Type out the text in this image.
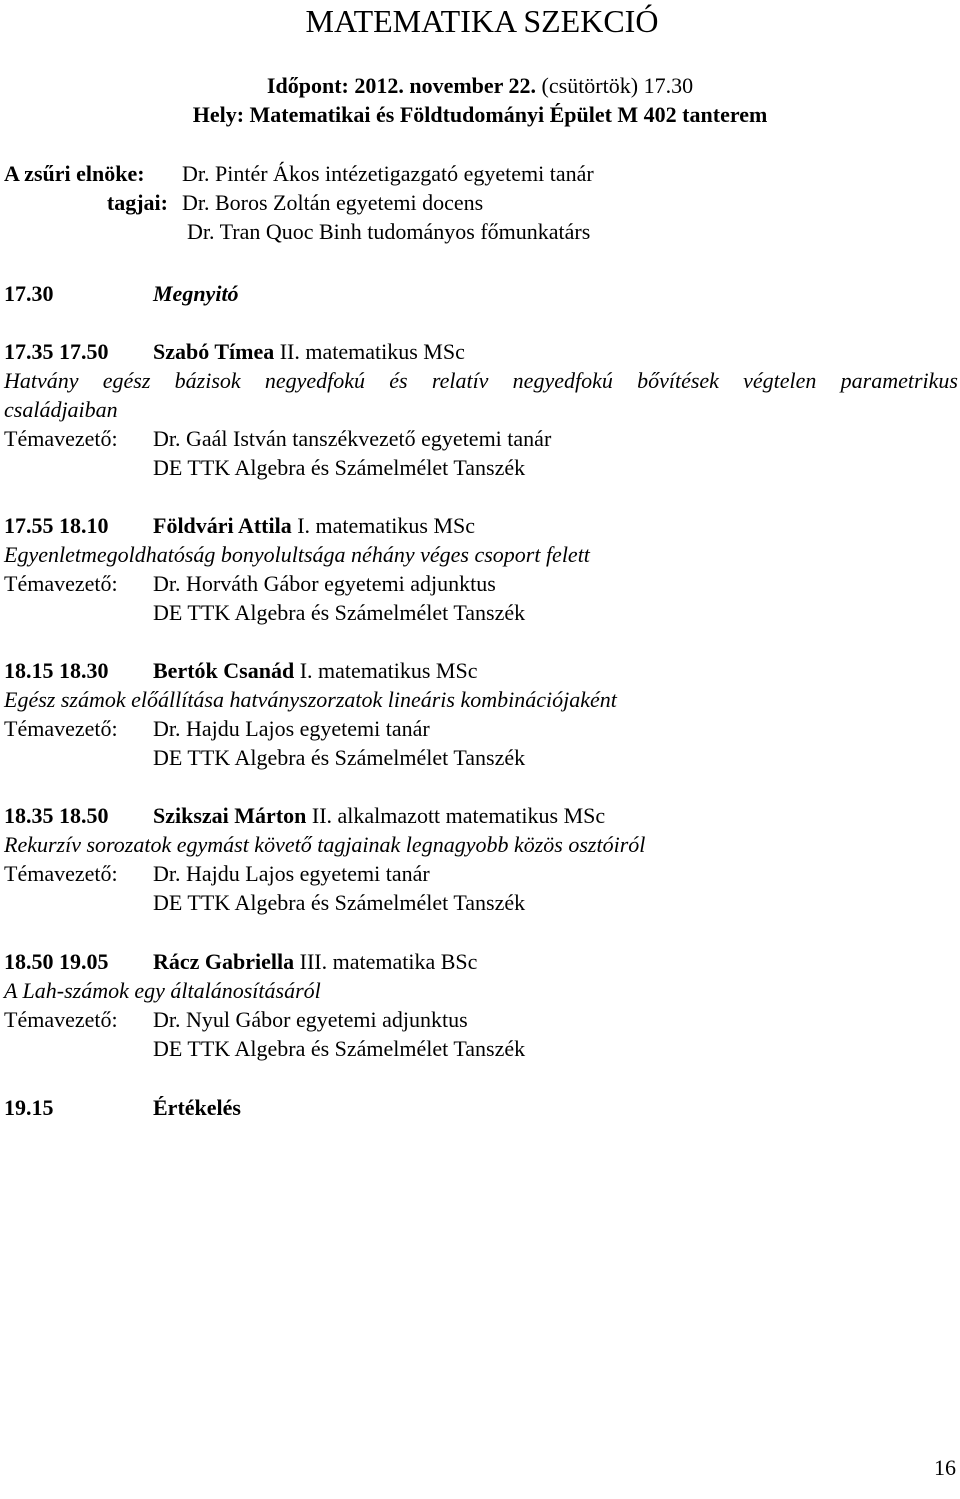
MATEMATIKA SZEKCIÓ
Időpont: 2012. november 22. (csütörtök) 17.30
Hely: Matematikai és Földtudományi Épület M 402 tanterem
A zsűri elnöke: Dr. Pintér Ákos intézetigazgató egyetemi tanár
tagjai: Dr. Boros Zoltán egyetemi docens
Dr. Tran Quoc Binh tudományos főmunkatárs
17.30	Megnyitó
17.35 17.50 Szabó Tímea II. matematikus MSc
Hatvány egész bázisok negyedfokú és relatív negyedfokú bővítések végtelen parametrikus
családjaiban
Témavezető: Dr. Gaál István tanszékvezető egyetemi tanár
DE TTK Algebra és Számelmélet Tanszék
17.55 18.10 Földvári Attila I. matematikus MSc
Egyenletmegoldhatóság bonyolultsága néhány véges csoport felett
Témavezető: Dr. Horváth Gábor egyetemi adjunktus
DE TTK Algebra és Számelmélet Tanszék
18.15 18.30 Bertók Csanád I. matematikus MSc
Egész számok előállítása hatványszorzatok lineáris kombinációjaként
Témavezető: Dr. Hajdu Lajos egyetemi tanár
DE TTK Algebra és Számelmélet Tanszék
18.35 18.50 Szikszai Márton II. alkalmazott matematikus MSc
Rekurzív sorozatok egymást követő tagjainak legnagyobb közös osztóiról
Témavezető: Dr. Hajdu Lajos egyetemi tanár
DE TTK Algebra és Számelmélet Tanszék
18.50 19.05 Rácz Gabriella III. matematika BSc
A Lah-számok egy általánosításáról
Témavezető: Dr. Nyul Gábor egyetemi adjunktus
DE TTK Algebra és Számelmélet Tanszék
19.15	Értékelés
16
